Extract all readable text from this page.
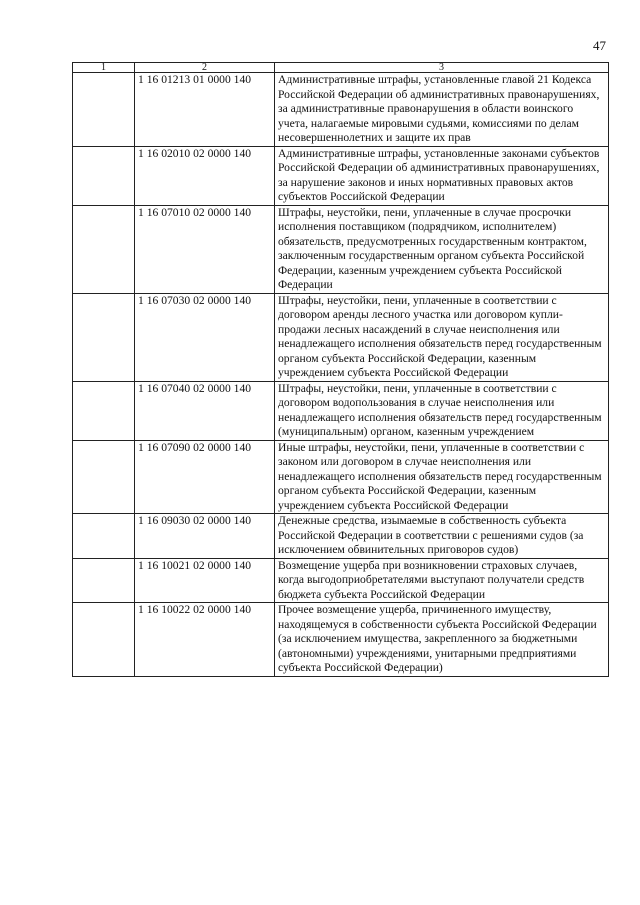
47
1	2	3
	1 16 01213 01 0000 140	Административные штрафы, установленные главой 21 Кодекса Российской Федерации об административных правонарушениях, за административные правонарушения в области воинского учета, налагаемые мировыми судьями, комиссиями по делам несовершеннолетних и защите их прав
	1 16 02010 02 0000 140	Административные штрафы, установленные законами субъектов Российской Федерации об административных правонарушениях, за нарушение законов и иных нормативных правовых актов субъектов Российской Федерации
	1 16 07010 02 0000 140	Штрафы, неустойки, пени, уплаченные в случае просрочки исполнения поставщиком (подрядчиком, исполнителем) обязательств, предусмотренных государственным контрактом, заключенным государственным органом субъекта Российской Федерации, казенным учреждением субъекта Российской Федерации
	1 16 07030 02 0000 140	Штрафы, неустойки, пени, уплаченные в соответствии с договором аренды лесного участка или договором купли-продажи лесных насаждений в случае неисполнения или ненадлежащего исполнения обязательств перед государственным органом субъекта Российской Федерации, казенным учреждением субъекта Российской Федерации
	1 16 07040 02 0000 140	Штрафы, неустойки, пени, уплаченные в соответствии с договором водопользования в случае неисполнения или ненадлежащего исполнения обязательств перед государственным (муниципальным) органом, казенным учреждением
	1 16 07090 02 0000 140	Иные штрафы, неустойки, пени, уплаченные в соответствии с законом или договором в случае неисполнения или ненадлежащего исполнения обязательств перед государственным органом субъекта Российской Федерации, казенным учреждением субъекта Российской Федерации
	1 16 09030 02 0000 140	Денежные средства, изымаемые в собственность субъекта Российской Федерации в соответствии с решениями судов (за исключением обвинительных приговоров судов)
	1 16 10021 02 0000 140	Возмещение ущерба при возникновении страховых случаев, когда выгодоприобретателями выступают получатели средств бюджета субъекта Российской Федерации
	1 16 10022 02 0000 140	Прочее возмещение ущерба, причиненного имуществу, находящемуся в собственности субъекта Российской Федерации (за исключением имущества, закрепленного за бюджетными (автономными) учреждениями, унитарными предприятиями субъекта Российской Федерации)
